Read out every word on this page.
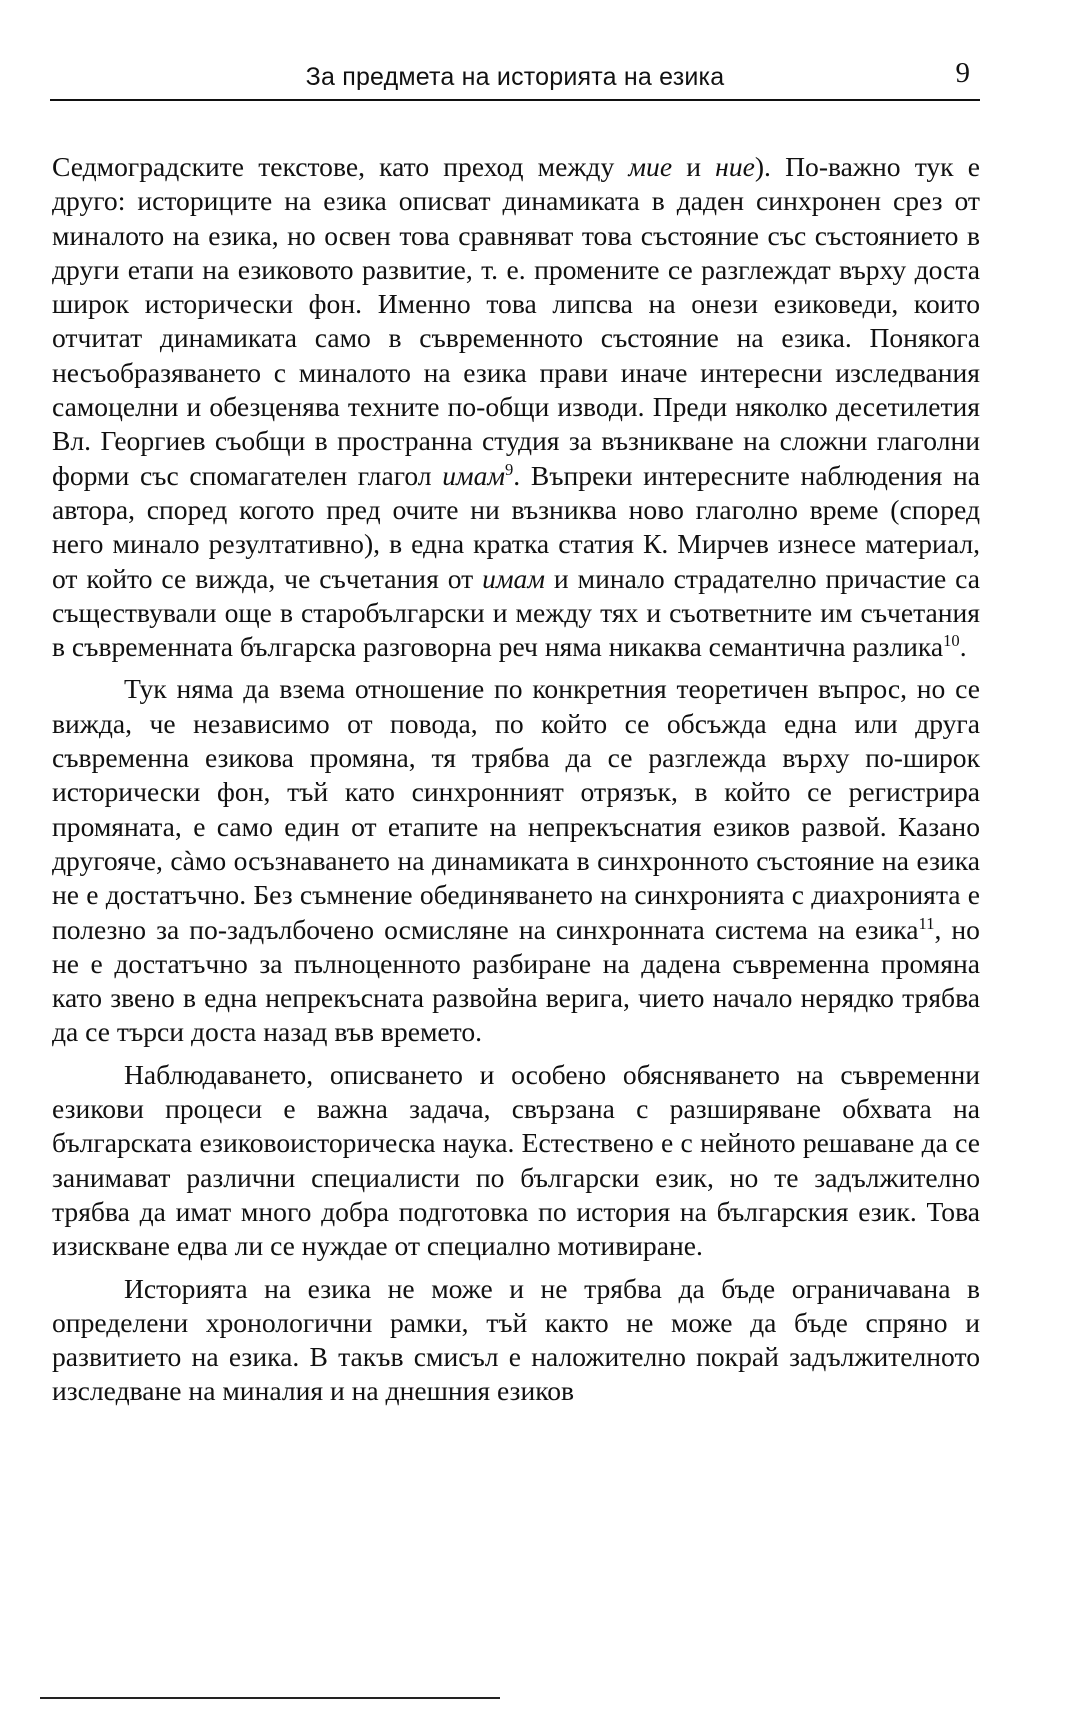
За предмета на историята на езика	9

Седмоградските текстове, като преход между мие и ние). По-важно тук е друго: историците на езика описват динамиката в даден синхронен срез от миналото на езика, но освен това сравняват това състояние със състоянието в други етапи на езиковото развитие, т. е. промените се разглеждат върху доста широк исторически фон. Именно това липсва на онези езиковеди, които отчитат динамиката само в съвременното състояние на езика. Понякога несъобразяването с миналото на езика прави иначе интересни изследвания самоцелни и обезценява техните по-общи изводи. Преди няколко десетилетия Вл. Георгиев съобщи в пространна студия за възникване на сложни глаголни форми със спомагателен глагол имам$^9$. Въпреки интересните наблюдения на автора, според когото пред очите ни възниква ново глаголно време (според него минало резултативно), в една кратка статия К. Мирчев изнесе материал, от който се вижда, че съчетания от имам и минало страдателно причастие са съществували още в старобългарски и между тях и съответните им съчетания в съвременната българска разговорна реч няма никаква семантична разлика$^{10}$.

Тук няма да взема отношение по конкретния теоретичен въпрос, но се вижда, че независимо от повода, по който се обсъжда една или друга съвременна езикова промяна, тя трябва да се разглежда върху по-широк исторически фон, тъй като синхронният отрязък, в който се регистрира промяната, е само един от етапите на непрекъснатия езиков развой. Казано другояче, сàмо осъзнаването на динамиката в синхронното състояние на езика не е достатъчно. Без съмнение обединяването на синхронията с диахронията е полезно за по-задълбочено осмисляне на синхронната система на езика$^{11}$, но не е достатъчно за пълноценното разбиране на дадена съвременна промяна като звено в една непрекъсната развойна верига, чието начало нерядко трябва да се търси доста назад във времето.

Наблюдаването, описването и особено обясняването на съвременни езикови процеси е важна задача, свързана с разширяване обхвата на българската езиковоисторическа наука. Естествено е с нейното решаване да се занимават различни специалисти по български език, но те задължително трябва да имат много добра подготовка по история на българския език. Това изискване едва ли се нуждае от специално мотивиране.

Историята на езика не може и не трябва да бъде ограничавана в определени хронологични рамки, тъй както не може да бъде спряно и развитието на езика. В такъв смисъл е наложително покрай задължителното изследване на миналия и на днешния езиков
